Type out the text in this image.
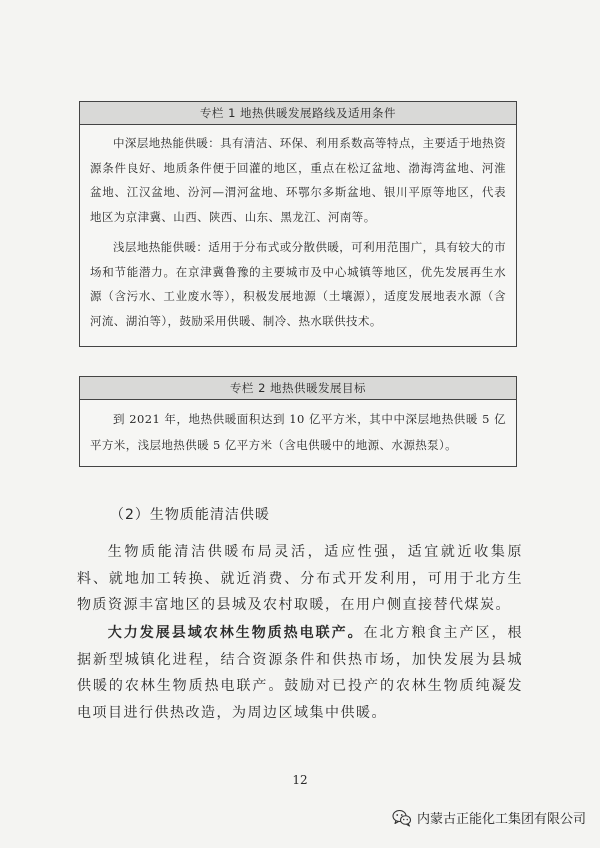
专栏 1 地热供暖发展路线及适用条件

中深层地热能供暖：具有清洁、环保、利用系数高等特点，主要适于地热资源条件良好、地质条件便于回灌的地区，重点在松辽盆地、渤海湾盆地、河淮盆地、江汉盆地、汾河—渭河盆地、环鄂尔多斯盆地、银川平原等地区，代表地区为京津冀、山西、陕西、山东、黑龙江、河南等。

浅层地热能供暖：适用于分布式或分散供暖，可利用范围广，具有较大的市场和节能潜力。在京津冀鲁豫的主要城市及中心城镇等地区，优先发展再生水源（含污水、工业废水等），积极发展地源（土壤源），适度发展地表水源（含河流、湖泊等），鼓励采用供暖、制冷、热水联供技术。

专栏 2 地热供暖发展目标

到 2021 年，地热供暖面积达到 10 亿平方米，其中中深层地热供暖 5 亿平方米，浅层地热供暖 5 亿平方米（含电供暖中的地源、水源热泵）。

（2）生物质能清洁供暖

生物质能清洁供暖布局灵活，适应性强，适宜就近收集原料、就地加工转换、就近消费、分布式开发利用，可用于北方生物质资源丰富地区的县城及农村取暖，在用户侧直接替代煤炭。

大力发展县域农林生物质热电联产。在北方粮食主产区，根据新型城镇化进程，结合资源条件和供热市场，加快发展为县城供暖的农林生物质热电联产。鼓励对已投产的农林生物质纯凝发电项目进行供热改造，为周边区域集中供暖。

12
内蒙古正能化工集团有限公司
